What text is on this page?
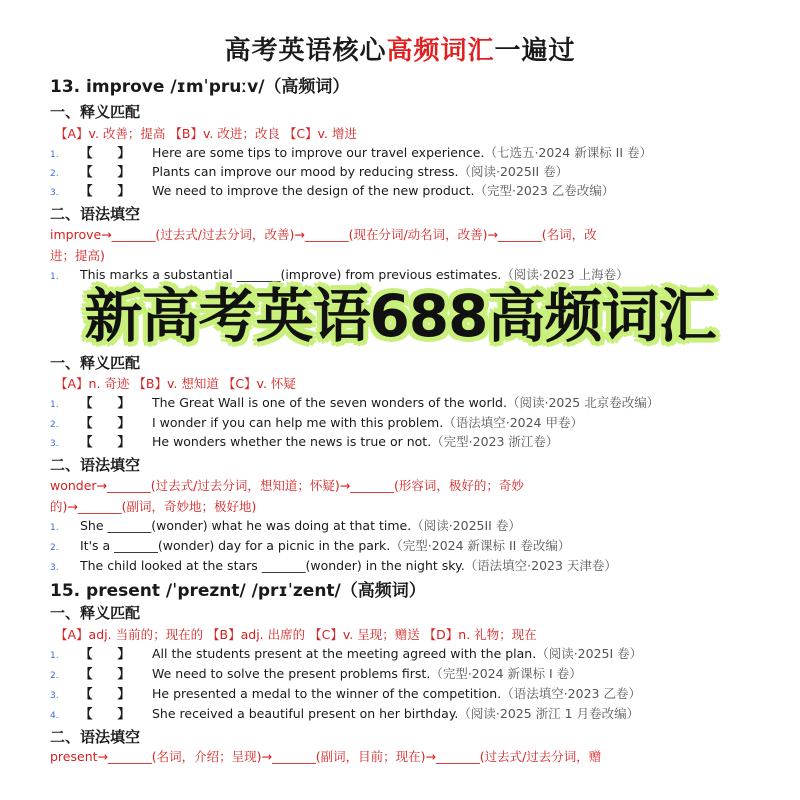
高考英语核心高频词汇一遍过
13. improve /ɪmˈpruːv/（高频词）
一、释义匹配
【A】v. 改善；提高 【B】v. 改进；改良 【C】v. 增进
1. 【　　】 Here are some tips to improve our travel experience.（七选五·2024 新课标 II 卷）
2. 【　　】 Plants can improve our mood by reducing stress.（阅读·2025II 卷）
3. 【　　】 We need to improve the design of the new product.（完型·2023 乙卷改编）
二、语法填空
improve→_______(过去式/过去分词，改善)→_______(现在分词/动名词，改善)→_______(名词，改
进；提高)
1. This marks a substantial _______(improve) from previous estimates.（阅读·2023 上海卷）
新高考英语688高频词汇
一、释义匹配
【A】n. 奇迹 【B】v. 想知道 【C】v. 怀疑
1. 【　　】 The Great Wall is one of the seven wonders of the world.（阅读·2025 北京卷改编）
2. 【　　】 I wonder if you can help me with this problem.（语法填空·2024 甲卷）
3. 【　　】 He wonders whether the news is true or not.（完型·2023 浙江卷）
二、语法填空
wonder→_______(过去式/过去分词，想知道；怀疑)→_______(形容词，极好的；奇妙
的)→_______(副词，奇妙地；极好地)
1. She _______(wonder) what he was doing at that time.（阅读·2025II 卷）
2. It's a _______(wonder) day for a picnic in the park.（完型·2024 新课标 II 卷改编）
3. The child looked at the stars _______(wonder) in the night sky.（语法填空·2023 天津卷）
15. present /ˈpreznt/ /prɪˈzent/（高频词）
一、释义匹配
【A】adj. 当前的；现在的 【B】adj. 出席的 【C】v. 呈现；赠送 【D】n. 礼物；现在
1. 【　　】 All the students present at the meeting agreed with the plan.（阅读·2025I 卷）
2. 【　　】 We need to solve the present problems first.（完型·2024 新课标 I 卷）
3. 【　　】 He presented a medal to the winner of the competition.（语法填空·2023 乙卷）
4. 【　　】 She received a beautiful present on her birthday.（阅读·2025 浙江 1 月卷改编）
二、语法填空
present→_______(名词，介绍；呈现)→_______(副词，目前；现在)→_______(过去式/过去分词，赠
